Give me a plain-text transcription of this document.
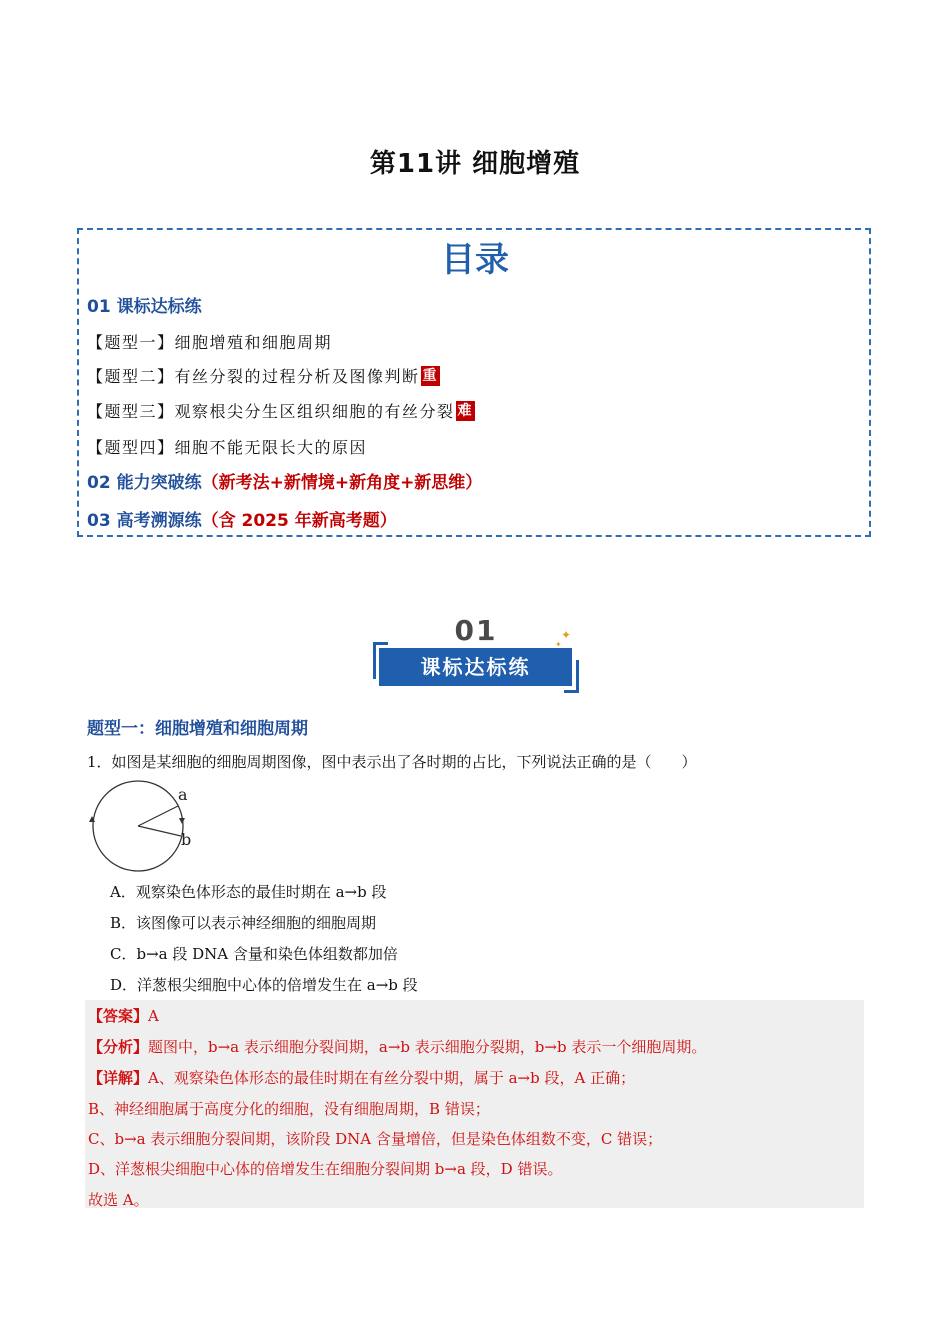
第11讲 细胞增殖
目录
01 课标达标练
【题型一】细胞增殖和细胞周期
【题型二】有丝分裂的过程分析及图像判断 重
【题型三】观察根尖分生区组织细胞的有丝分裂 难
【题型四】细胞不能无限长大的原因
02 能力突破练（新考法+新情境+新角度+新思维）
03 高考溯源练（含 2025 年新高考题）
01
课标达标练
✦
✦
题型一：细胞增殖和细胞周期
1．如图是某细胞的细胞周期图像，图中表示出了各时期的占比，下列说法正确的是（　　）
a
b
A．观察染色体形态的最佳时期在 a→b 段
B．该图像可以表示神经细胞的细胞周期
C．b→a 段 DNA 含量和染色体组数都加倍
D．洋葱根尖细胞中心体的倍增发生在 a→b 段
【答案】A
【分析】题图中，b→a 表示细胞分裂间期，a→b 表示细胞分裂期，b→b 表示一个细胞周期。
【详解】A、观察染色体形态的最佳时期在有丝分裂中期，属于 a→b 段，A 正确；
B、神经细胞属于高度分化的细胞，没有细胞周期，B 错误；
C、b→a 表示细胞分裂间期，该阶段 DNA 含量增倍，但是染色体组数不变，C 错误；
D、洋葱根尖细胞中心体的倍增发生在细胞分裂间期 b→a 段，D 错误。
故选 A。
